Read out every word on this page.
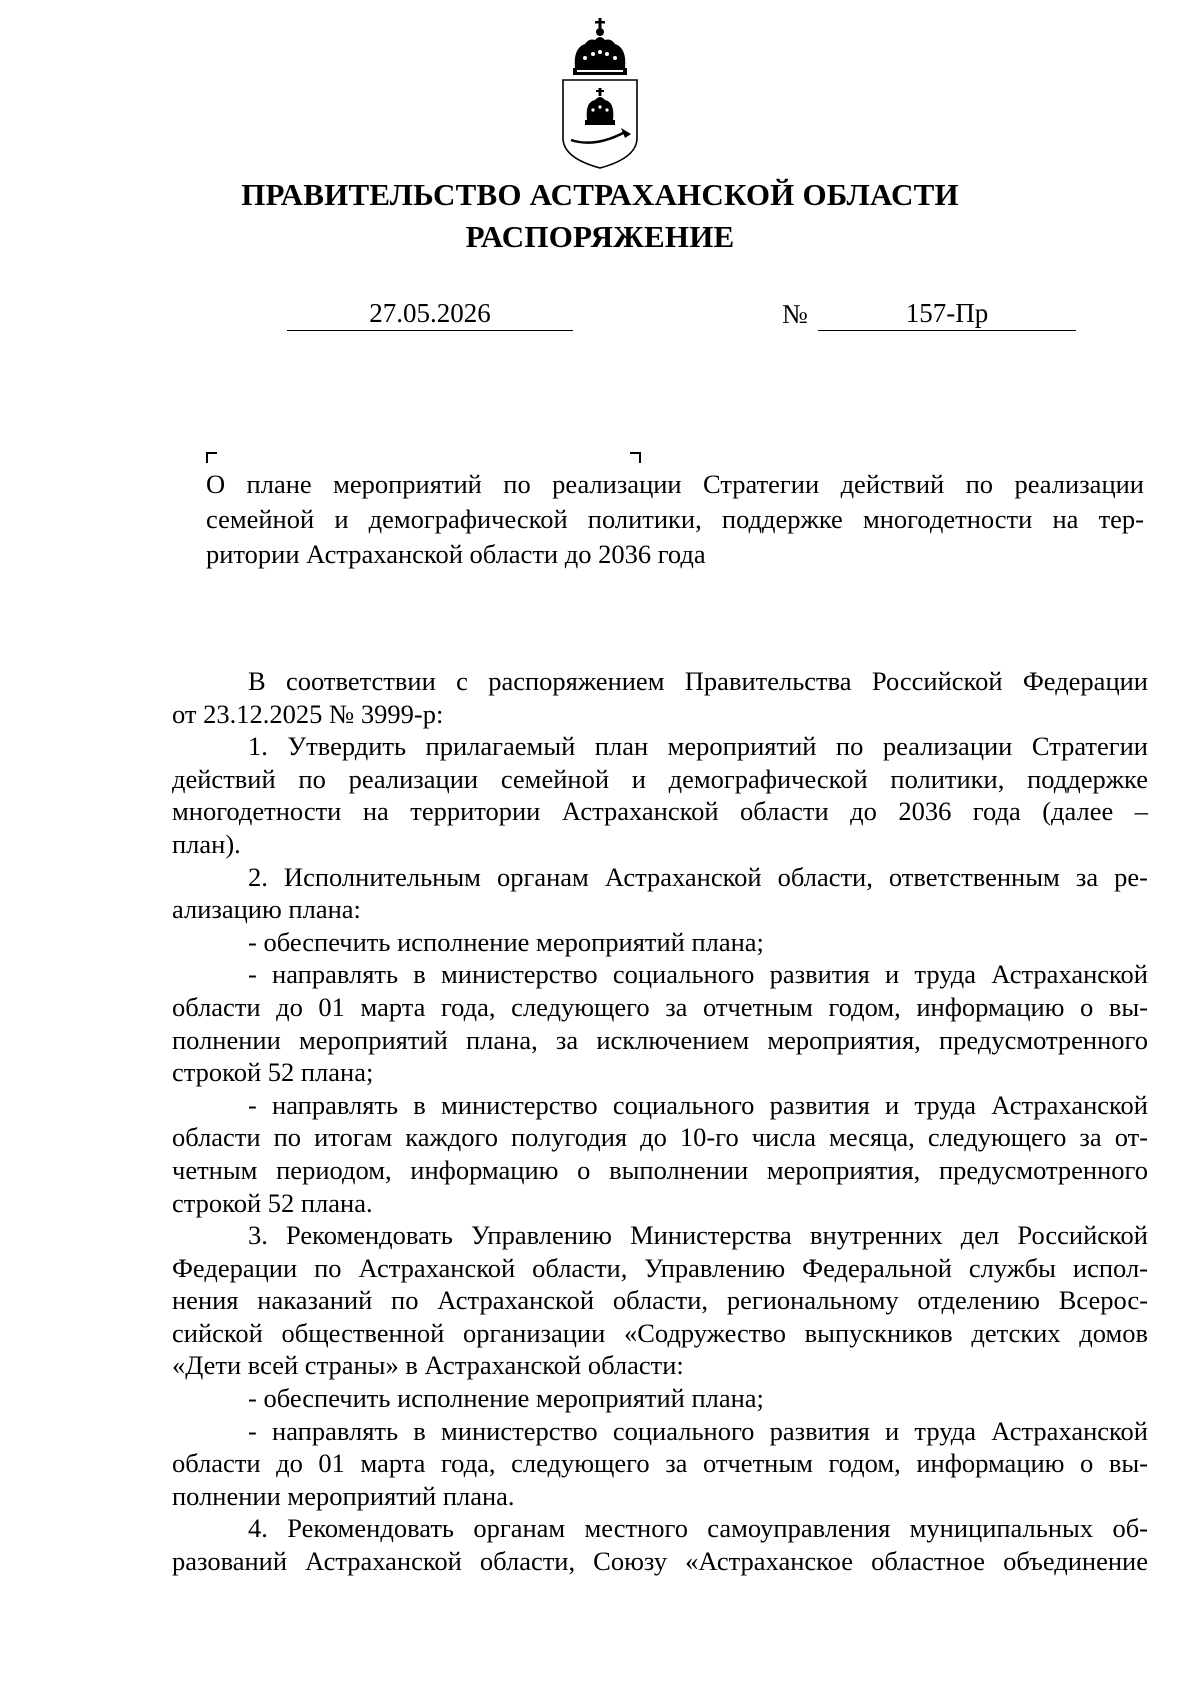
ПРАВИТЕЛЬСТВО АСТРАХАНСКОЙ ОБЛАСТИ
РАСПОРЯЖЕНИЕ
27.05.2026	№	157-Пр
О плане мероприятий по реализации Стратегии действий по реализации
семейной и демографической политики, поддержке многодетности на тер-
ритории Астраханской области до 2036 года
В соответствии с распоряжением Правительства Российской Федерации
от 23.12.2025 № 3999-р:
1. Утвердить прилагаемый план мероприятий по реализации Стратегии
действий по реализации семейной и демографической политики, поддержке
многодетности на территории Астраханской области до 2036 года (далее –
план).
2. Исполнительным органам Астраханской области, ответственным за ре-
ализацию плана:
- обеспечить исполнение мероприятий плана;
- направлять в министерство социального развития и труда Астраханской
области до 01 марта года, следующего за отчетным годом, информацию о вы-
полнении мероприятий плана, за исключением мероприятия, предусмотренного
строкой 52 плана;
- направлять в министерство социального развития и труда Астраханской
области по итогам каждого полугодия до 10-го числа месяца, следующего за от-
четным периодом, информацию о выполнении мероприятия, предусмотренного
строкой 52 плана.
3. Рекомендовать Управлению Министерства внутренних дел Российской
Федерации по Астраханской области, Управлению Федеральной службы испол-
нения наказаний по Астраханской области, региональному отделению Всерос-
сийской общественной организации «Содружество выпускников детских домов
«Дети всей страны» в Астраханской области:
- обеспечить исполнение мероприятий плана;
- направлять в министерство социального развития и труда Астраханской
области до 01 марта года, следующего за отчетным годом, информацию о вы-
полнении мероприятий плана.
4. Рекомендовать органам местного самоуправления муниципальных об-
разований Астраханской области, Союзу «Астраханское областное объединение
